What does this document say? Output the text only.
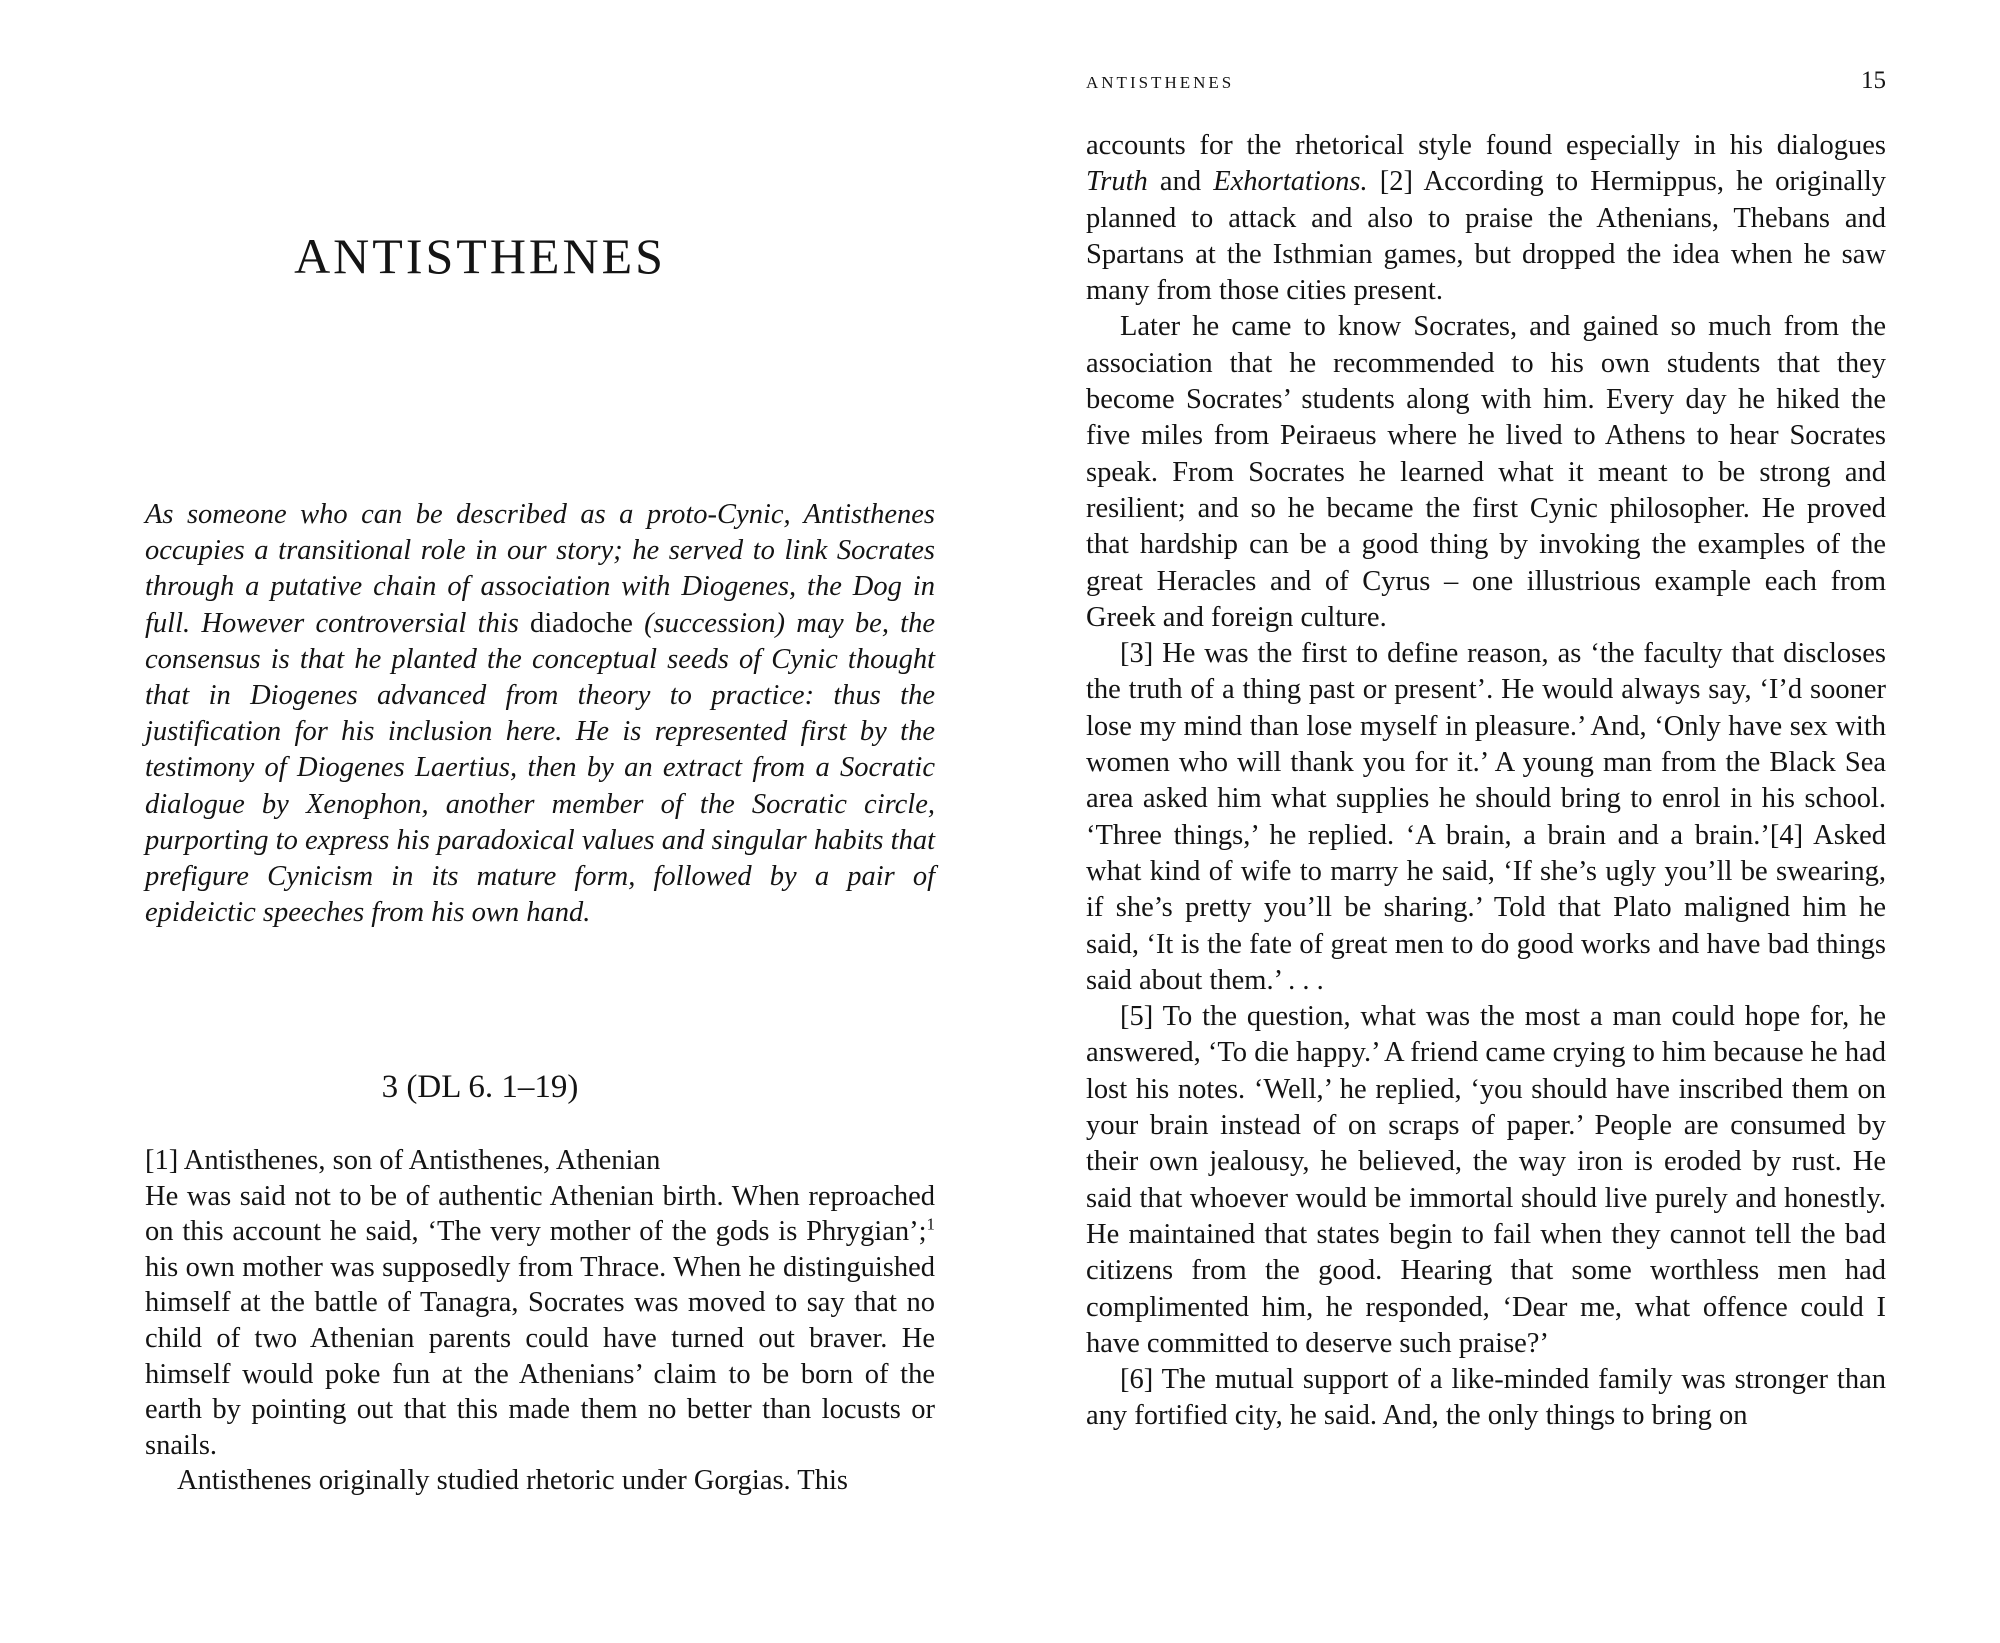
ANTISTHENES

As someone who can be described as a proto-Cynic, Antisthenes occupies a transitional role in our story; he served to link Socrates through a putative chain of association with Diogenes, the Dog in full. However controversial this diadoche (succession) may be, the consensus is that he planted the conceptual seeds of Cynic thought that in Diogenes advanced from theory to practice: thus the justification for his inclusion here. He is represented first by the testimony of Diogenes Laertius, then by an extract from a Socratic dialogue by Xenophon, another member of the Socratic circle, purporting to express his paradoxical values and singular habits that prefigure Cynicism in its mature form, followed by a pair of epideictic speeches from his own hand.

3 (DL 6. 1–19)

[1] Antisthenes, son of Antisthenes, Athenian

He was said not to be of authentic Athenian birth. When reproached on this account he said, ‘The very mother of the gods is Phrygian’;$^1$ his own mother was supposedly from Thrace. When he distinguished himself at the battle of Tanagra, Socrates was moved to say that no child of two Athenian parents could have turned out braver. He himself would poke fun at the Athenians’ claim to be born of the earth by pointing out that this made them no better than locusts or snails.

Antisthenes originally studied rhetoric under Gorgias. This

ANTISTHENES	15

accounts for the rhetorical style found especially in his dialogues Truth and Exhortations. [2] According to Hermippus, he originally planned to attack and also to praise the Athenians, Thebans and Spartans at the Isthmian games, but dropped the idea when he saw many from those cities present.

Later he came to know Socrates, and gained so much from the association that he recommended to his own students that they become Socrates’ students along with him. Every day he hiked the five miles from Peiraeus where he lived to Athens to hear Socrates speak. From Socrates he learned what it meant to be strong and resilient; and so he became the first Cynic philosopher. He proved that hardship can be a good thing by invoking the examples of the great Heracles and of Cyrus – one illustrious example each from Greek and foreign culture.

[3] He was the first to define reason, as ‘the faculty that discloses the truth of a thing past or present’. He would always say, ‘I’d sooner lose my mind than lose myself in pleasure.’ And, ‘Only have sex with women who will thank you for it.’ A young man from the Black Sea area asked him what supplies he should bring to enrol in his school. ‘Three things,’ he replied. ‘A brain, a brain and a brain.’[4] Asked what kind of wife to marry he said, ‘If she’s ugly you’ll be swearing, if she’s pretty you’ll be sharing.’ Told that Plato maligned him he said, ‘It is the fate of great men to do good works and have bad things said about them.’ . . .

[5] To the question, what was the most a man could hope for, he answered, ‘To die happy.’ A friend came crying to him because he had lost his notes. ‘Well,’ he replied, ‘you should have inscribed them on your brain instead of on scraps of paper.’ People are consumed by their own jealousy, he believed, the way iron is eroded by rust. He said that whoever would be immortal should live purely and honestly. He maintained that states begin to fail when they cannot tell the bad citizens from the good. Hearing that some worthless men had complimented him, he responded, ‘Dear me, what offence could I have committed to deserve such praise?’

[6] The mutual support of a like-minded family was stronger than any fortified city, he said. And, the only things to bring on
